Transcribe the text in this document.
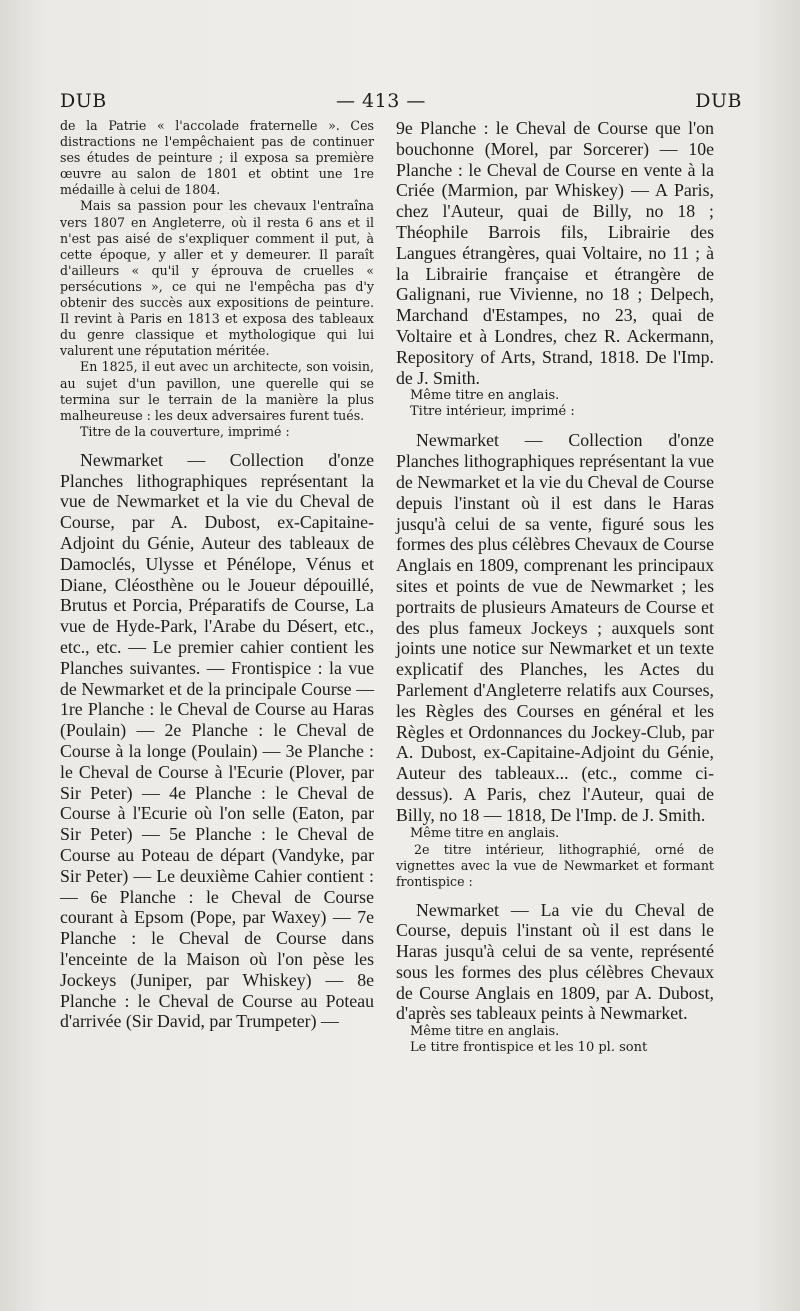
DUB	— 413 —	DUB

de la Patrie « l'accolade fraternelle ». Ces distractions ne l'empêchaient pas de continuer ses études de peinture ; il exposa sa première œuvre au salon de 1801 et obtint une 1re médaille à celui de 1804.

Mais sa passion pour les chevaux l'entraîna vers 1807 en Angleterre, où il resta 6 ans et il n'est pas aisé de s'expliquer comment il put, à cette époque, y aller et y demeurer. Il paraît d'ailleurs « qu'il y éprouva de cruelles « persécutions », ce qui ne l'empêcha pas d'y obtenir des succès aux expositions de peinture. Il revint à Paris en 1813 et exposa des tableaux du genre classique et mythologique qui lui valurent une réputation méritée.

En 1825, il eut avec un architecte, son voisin, au sujet d'un pavillon, une querelle qui se termina sur le terrain de la manière la plus malheureuse : les deux adversaires furent tués.

Titre de la couverture, imprimé :

Newmarket — Collection d'onze Planches lithographiques représentant la vue de Newmarket et la vie du Cheval de Course, par A. Dubost, ex-Capitaine-Adjoint du Génie, Auteur des tableaux de Damoclés, Ulysse et Pénélope, Vénus et Diane, Cléosthène ou le Joueur dépouillé, Brutus et Porcia, Préparatifs de Course, La vue de Hyde-Park, l'Arabe du Désert, etc., etc., etc. — Le premier cahier contient les Planches suivantes. — Frontispice : la vue de Newmarket et de la principale Course — 1re Planche : le Cheval de Course au Haras (Poulain) — 2e Planche : le Cheval de Course à la longe (Poulain) — 3e Planche : le Cheval de Course à l'Ecurie (Plover, par Sir Peter) — 4e Planche : le Cheval de Course à l'Ecurie où l'on selle (Eaton, par Sir Peter) — 5e Planche : le Cheval de Course au Poteau de départ (Vandyke, par Sir Peter) — Le deuxième Cahier contient : — 6e Planche : le Cheval de Course courant à Epsom (Pope, par Waxey) — 7e Planche : le Cheval de Course dans l'enceinte de la Maison où l'on pèse les Jockeys (Juniper, par Whiskey) — 8e Planche : le Cheval de Course au Poteau d'arrivée (Sir David, par Trumpeter) —

9e Planche : le Cheval de Course que l'on bouchonne (Morel, par Sorcerer) — 10e Planche : le Cheval de Course en vente à la Criée (Marmion, par Whiskey) — A Paris, chez l'Auteur, quai de Billy, no 18 ; Théophile Barrois fils, Librairie des Langues étrangères, quai Voltaire, no 11 ; à la Librairie française et étrangère de Galignani, rue Vivienne, no 18 ; Delpech, Marchand d'Estampes, no 23, quai de Voltaire et à Londres, chez R. Ackermann, Repository of Arts, Strand, 1818. De l'Imp. de J. Smith.

Même titre en anglais.

Titre intérieur, imprimé :

Newmarket — Collection d'onze Planches lithographiques représentant la vue de Newmarket et la vie du Cheval de Course depuis l'instant où il est dans le Haras jusqu'à celui de sa vente, figuré sous les formes des plus célèbres Chevaux de Course Anglais en 1809, comprenant les principaux sites et points de vue de Newmarket ; les portraits de plusieurs Amateurs de Course et des plus fameux Jockeys ; auxquels sont joints une notice sur Newmarket et un texte explicatif des Planches, les Actes du Parlement d'Angleterre relatifs aux Courses, les Règles des Courses en général et les Règles et Ordonnances du Jockey-Club, par A. Dubost, ex-Capitaine-Adjoint du Génie, Auteur des tableaux... (etc., comme ci-dessus). A Paris, chez l'Auteur, quai de Billy, no 18 — 1818, De l'Imp. de J. Smith.

Même titre en anglais.

2e titre intérieur, lithographié, orné de vignettes avec la vue de Newmarket et formant frontispice :

Newmarket — La vie du Cheval de Course, depuis l'instant où il est dans le Haras jusqu'à celui de sa vente, représenté sous les formes des plus célèbres Chevaux de Course Anglais en 1809, par A. Dubost, d'après ses tableaux peints à Newmarket.

Même titre en anglais.

Le titre frontispice et les 10 pl. sont
